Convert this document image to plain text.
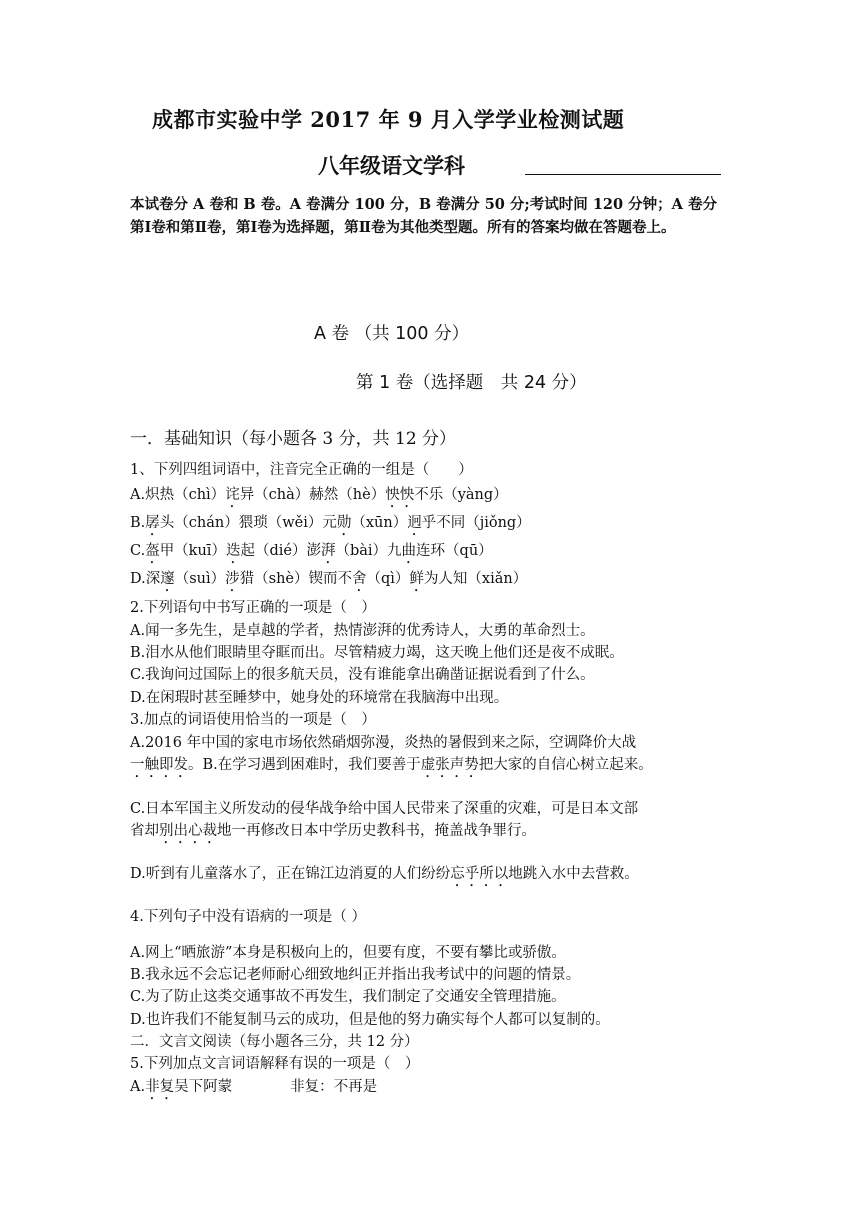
成都市实验中学 2017 年 9 月入学学业检测试题
八年级语文学科
本试卷分 A 卷和 B 卷。A 卷满分 100 分，B 卷满分 50 分;考试时间 120 分钟；A 卷分第Ⅰ卷和第Ⅱ卷，第Ⅰ卷为选择题，第Ⅱ卷为其他类型题。所有的答案均做在答题卷上。
A 卷 （共 100 分）
第 1 卷（选择题　共 24 分）
一．基础知识（每小题各 3 分，共 12 分）
1、下列四组词语中，注音完全正确的一组是（　　）
A.炽热（chì）诧异（chà）赫然（hè）怏怏不乐（yàng）
B.孱头（chán）猥琐（wěi）元勋（xūn）迥乎不同（jiǒng）
C.盔甲（kuī）迭起（dié）澎湃（bài）九曲连环（qū）
D.深邃（suì）涉猎（shè）锲而不舍（qì）鲜为人知（xiǎn）
2.下列语句中书写正确的一项是（　）
A.闻一多先生，是卓越的学者，热情澎湃的优秀诗人，大勇的革命烈士。
B.泪水从他们眼睛里夺眶而出。尽管精疲力竭，这天晚上他们还是夜不成眠。
C.我询问过国际上的很多航天员，没有谁能拿出确凿证据说看到了什么。
D.在闲瑕时甚至睡梦中，她身处的环境常在我脑海中出现。
3.加点的词语使用恰当的一项是（　）
A.2016 年中国的家电市场依然硝烟弥漫，炎热的暑假到来之际，空调降价大战
一触即发。B.在学习遇到困难时，我们要善于虚张声势把大家的自信心树立起来。
C.日本军国主义所发动的侵华战争给中国人民带来了深重的灾难，可是日本文部
省却别出心裁地一再修改日本中学历史教科书，掩盖战争罪行。
D.听到有儿童落水了，正在锦江边消夏的人们纷纷忘乎所以地跳入水中去营救。
4.下列句子中没有语病的一项是（ ）
A.网上“晒旅游”本身是积极向上的，但要有度，不要有攀比或骄傲。
B.我永远不会忘记老师耐心细致地纠正并指出我考试中的问题的情景。
C.为了防止这类交通事故不再发生，我们制定了交通安全管理措施。
D.也许我们不能复制马云的成功，但是他的努力确实每个人都可以复制的。
二．文言文阅读（每小题各三分，共 12 分）
5.下列加点文言词语解释有误的一项是（　）
A.非复吴下阿蒙	非复：不再是
